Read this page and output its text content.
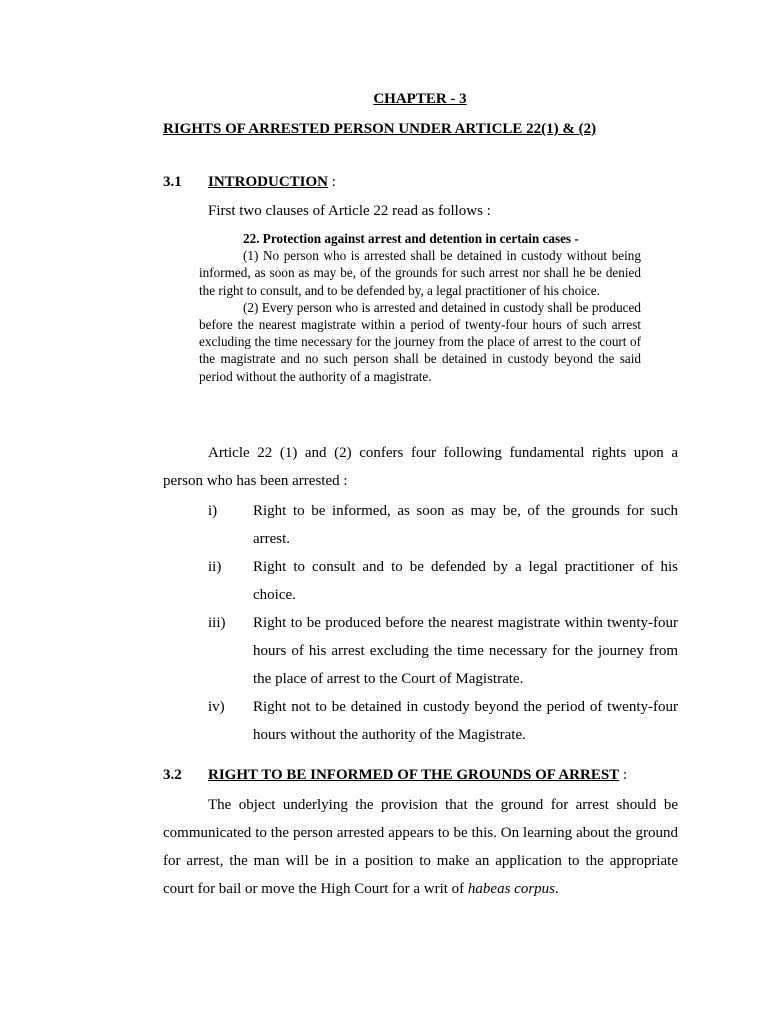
CHAPTER - 3
RIGHTS OF ARRESTED PERSON UNDER ARTICLE 22(1) & (2)
3.1 INTRODUCTION :
First two clauses of Article 22 read as follows :

22. Protection against arrest and detention in certain cases -

(1) No person who is arrested shall be detained in custody without being informed, as soon as may be, of the grounds for such arrest nor shall he be denied the right to consult, and to be defended by, a legal practitioner of his choice.

(2) Every person who is arrested and detained in custody shall be produced before the nearest magistrate within a period of twenty-four hours of such arrest excluding the time necessary for the journey from the place of arrest to the court of the magistrate and no such person shall be detained in custody beyond the said period without the authority of a magistrate.

Article 22 (1) and (2) confers four following fundamental rights upon a person who has been arrested :
i)	Right to be informed, as soon as may be, of the grounds for such arrest.
ii)	Right to consult and to be defended by a legal practitioner of his choice.
iii)	Right to be produced before the nearest magistrate within twenty-four hours of his arrest excluding the time necessary for the journey from the place of arrest to the Court of Magistrate.
iv)	Right not to be detained in custody beyond the period of twenty-four hours without the authority of the Magistrate.
3.2 RIGHT TO BE INFORMED OF THE GROUNDS OF ARREST :
The object underlying the provision that the ground for arrest should be communicated to the person arrested appears to be this. On learning about the ground for arrest, the man will be in a position to make an application to the appropriate court for bail or move the High Court for a writ of habeas corpus.
